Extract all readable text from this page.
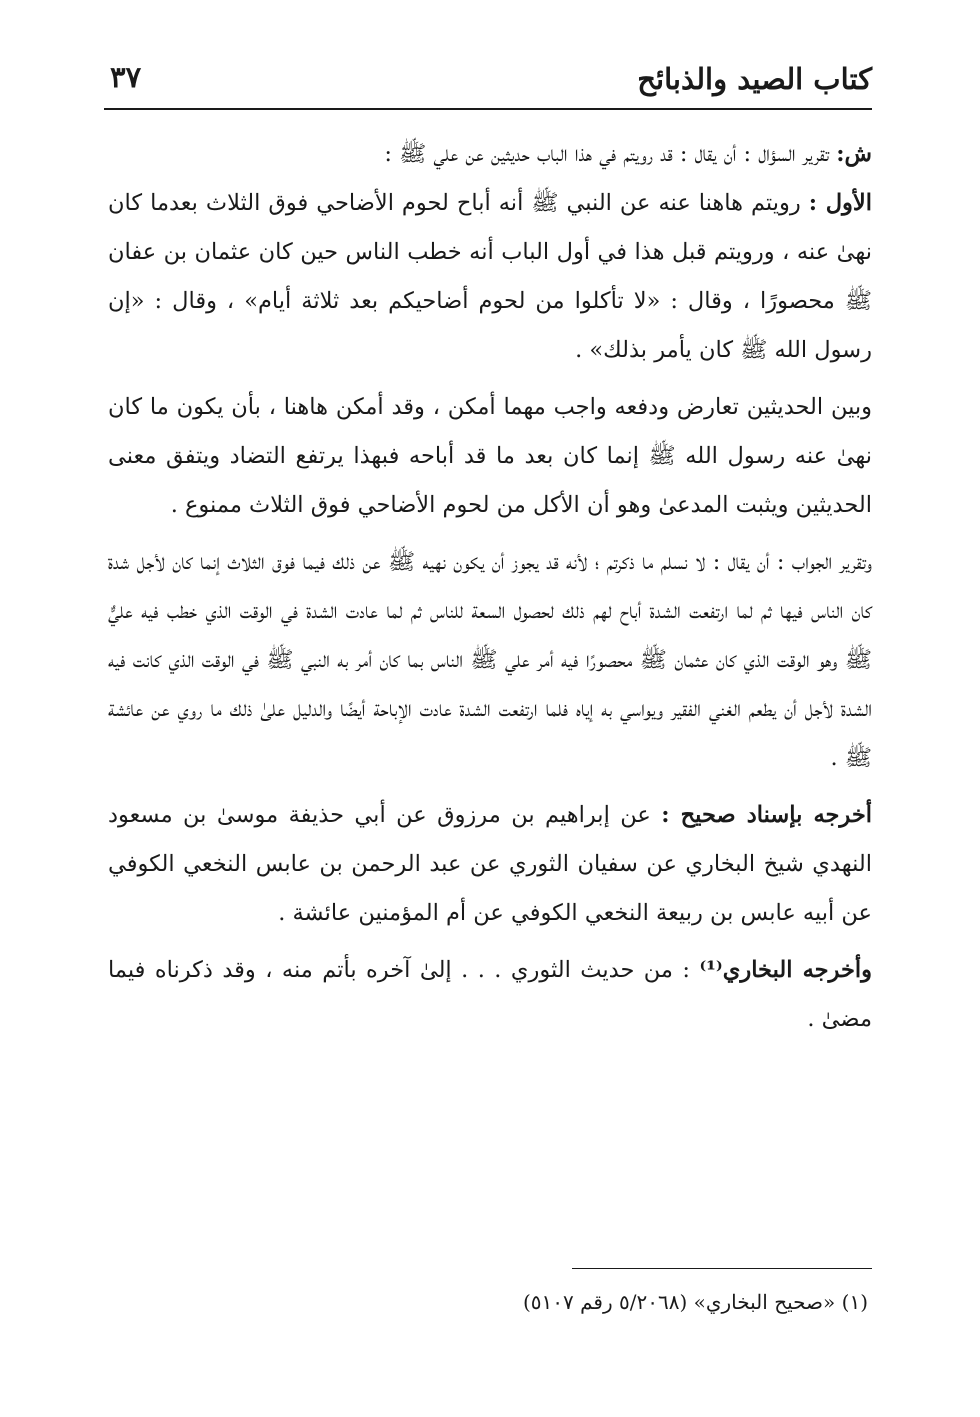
كتاب الصيد والذبائح
٣٧

ش: تقرير السؤال : أن يقال : قد رويتم في هذا الباب حديثين عن علي ﷺ :

الأول : رويتم هاهنا عنه عن النبي ﷺ أنه أباح لحوم الأضاحي فوق الثلاث بعدما كان نهىٰ عنه ، ورويتم قبل هذا في أول الباب أنه خطب الناس حين كان عثمان بن عفان ﷺ محصورًا ، وقال : «لا تأكلوا من لحوم أضاحيكم بعد ثلاثة أيام» ، وقال : «إن رسول الله ﷺ كان يأمر بذلك» .

وبين الحديثين تعارض ودفعه واجب مهما أمكن ، وقد أمكن هاهنا ، بأن يكون ما كان نهىٰ عنه رسول الله ﷺ إنما كان بعد ما قد أباحه فبهذا يرتفع التضاد ويتفق معنى الحديثين ويثبت المدعىٰ وهو أن الأكل من لحوم الأضاحي فوق الثلاث ممنوع .

وتقرير الجواب : أن يقال : لا نسلم ما ذكرتم ؛ لأنه قد يجوز أن يكون نهيه ﷺ عن ذلك فيما فوق الثلاث إنما كان لأجل شدة كان الناس فيها ثم لما ارتفعت الشدة أباح لهم ذلك لحصول السعة للناس ثم لما عادت الشدة في الوقت الذي خطب فيه عليٌّ ﷺ وهو الوقت الذي كان عثمان ﷺ محصورًا فيه أمر علي ﷺ الناس بما كان أمر به النبي ﷺ في الوقت الذي كانت فيه الشدة لأجل أن يطعم الغني الفقير ويواسي به إياه فلما ارتفعت الشدة عادت الإباحة أيضًا والدليل علىٰ ذلك ما روي عن عائشة ﷺ .

أخرجه بإسناد صحيح : عن إبراهيم بن مرزوق عن أبي حذيفة موسىٰ بن مسعود النهدي شيخ البخاري عن سفيان الثوري عن عبد الرحمن بن عابس النخعي الكوفي عن أبيه عابس بن ربيعة النخعي الكوفي عن أم المؤمنين عائشة .

وأخرجه البخاري⁽¹⁾ : من حديث الثوري . . . إلىٰ آخره بأتم منه ، وقد ذكرناه فيما مضىٰ .

(١) «صحيح البخاري» (٥/٢٠٦٨ رقم ٥١٠٧)
